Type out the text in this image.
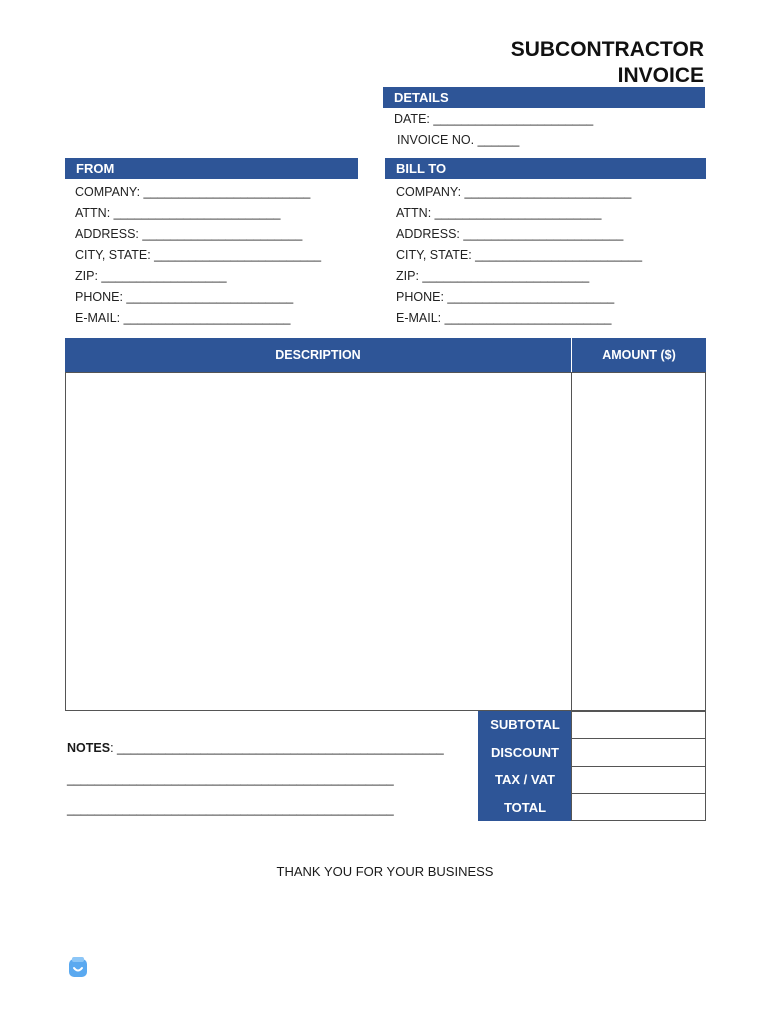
SUBCONTRACTOR
INVOICE
DETAILS
DATE: _______________________
INVOICE NO. ______
FROM	BILL TO
COMPANY: ________________________
ATTN: ________________________
ADDRESS: _______________________
CITY, STATE: ________________________
ZIP: __________________
PHONE: ________________________
E-MAIL: ________________________
COMPANY: ________________________
ATTN: ________________________
ADDRESS: _______________________
CITY, STATE: ________________________
ZIP: ________________________
PHONE: ________________________
E-MAIL: ________________________
DESCRIPTION	AMOUNT ($)
SUBTOTAL
DISCOUNT
TAX / VAT
TOTAL
NOTES: _______________________________________________
_______________________________________________
_______________________________________________
THANK YOU FOR YOUR BUSINESS
